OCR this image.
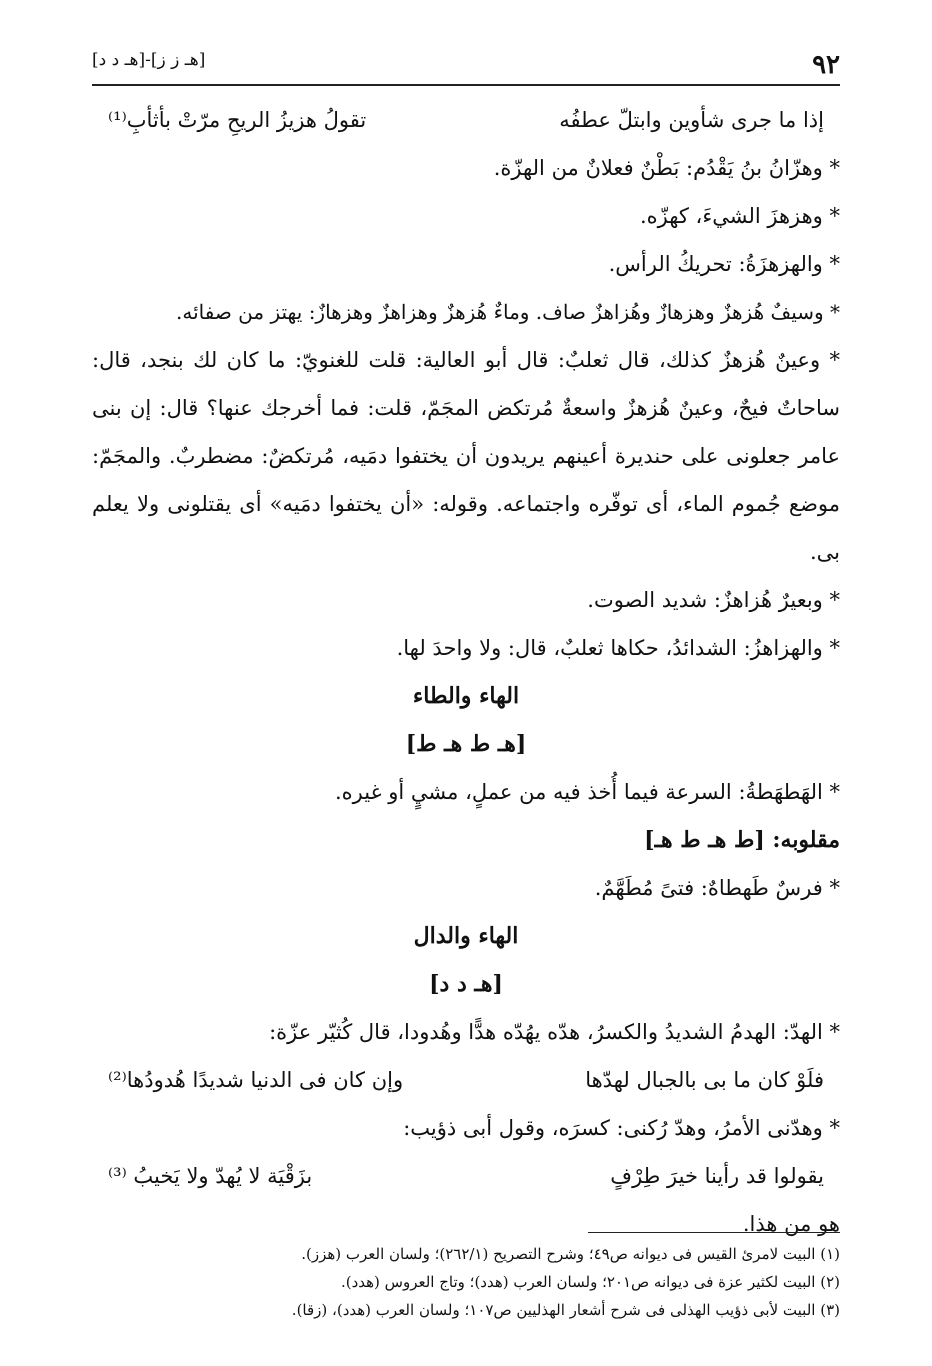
٩٢
[هـ ز ز]-[هـ د د]
إذا ما جرى شأوين وابتلّ عطفُه
تقولُ هزيزُ الريحِ مرّتْ بأثأبِ⁽¹⁾

* وهزّانُ بنُ يَقْدُم: بَطْنٌ فعلانٌ من الهزّة.

* وهزهزَ الشيءَ، كهزّه.

* والهزهزَةُ: تحريكُ الرأس.

* وسيفٌ هُزهزٌ وهزهازٌ وهُزاهزٌ صاف. وماءٌ هُزهزٌ وهزاهزٌ وهزهازٌ: يهتز من صفائه.

* وعينٌ هُزهزٌ كذلك، قال ثعلبٌ: قال أبو العالية: قلت للغنويّ: ما كان لك بنجد، قال: ساحاتٌ فيحٌ، وعينٌ هُزهزٌ واسعةٌ مُرتكض المجَمّ، قلت: فما أخرجك عنها؟ قال: إن بنى عامر جعلونى على حنديرة أعينهم يريدون أن يختفوا دمَيه، مُرتكضٌ: مضطربٌ. والمجَمّ: موضع جُموم الماء، أى توفّره واجتماعه. وقوله: «أن يختفوا دمَيه» أى يقتلونى ولا يعلم بى.

* وبعيرٌ هُزاهزٌ: شديد الصوت.

* والهزاهزُ: الشدائدُ، حكاها ثعلبٌ، قال: ولا واحدَ لها.

الهاء والطاء
[هـ ط هـ ط]

* الهَطهَطةُ: السرعة فيما أُخذ فيه من عملٍ، مشيٍ أو غيره.

مقلوبه: [ط هـ ط هـ]

* فرسٌ طَهطاهٌ: فتىً مُطَهَّمٌ.

الهاء والدال
[هـ د د]

* الهدّ: الهدمُ الشديدُ والكسرُ، هدّه يهُدّه هدًّا وهُدودا، قال كُثيّر عزّة:

فلَوْ كان ما بى بالجبال لهدّها
وإن كان فى الدنيا شديدًا هُدودُها⁽²⁾

* وهدّنى الأمرُ، وهدّ رُكنى: كسرَه، وقول أبى ذؤيب:

يقولوا قد رأينا خيرَ طِرْفٍ
بزَقْيَة لا يُهدّ ولا يَخيبُ ⁽³⁾

هو من هذا.

(١) البيت لامرئ القيس فى ديوانه ص٤٩؛ وشرح التصريح (٢٦٢/١)؛ ولسان العرب (هزز).
(٢) البيت لكثير عزة فى ديوانه ص٢٠١؛ ولسان العرب (هدد)؛ وتاج العروس (هدد).
(٣) البيت لأبى ذؤيب الهذلى فى شرح أشعار الهذليين ص١٠٧؛ ولسان العرب (هدد)، (زقا).
